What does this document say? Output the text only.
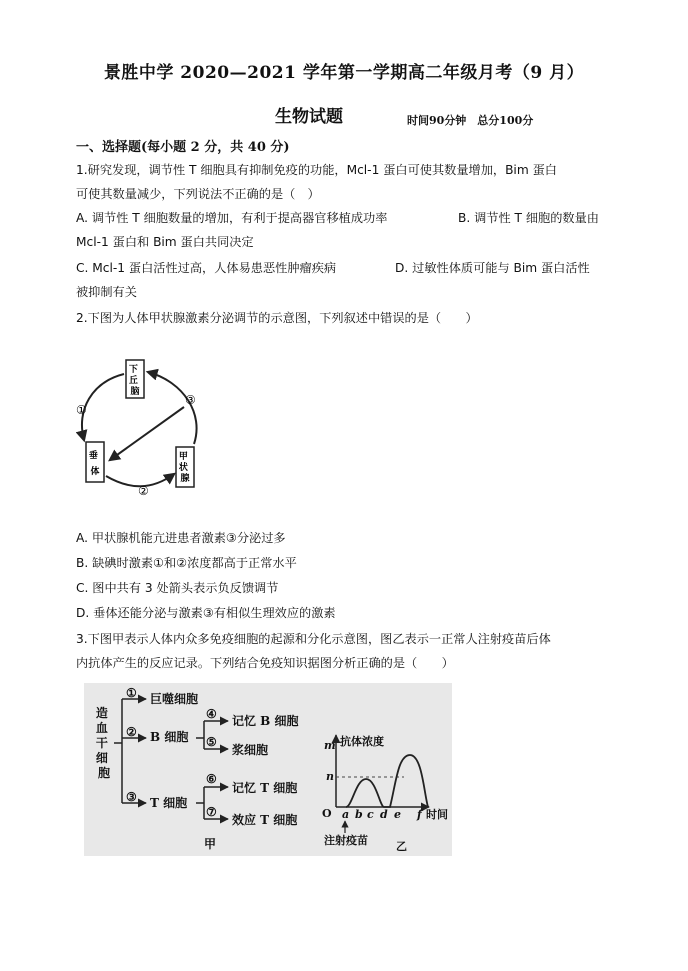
景胜中学 2020—2021 学年第一学期高二年级月考（9 月）
生物试题	时间90分钟　总分100分
一、选择题(每小题 2 分，共 40 分)
1.研究发现，调节性 T 细胞具有抑制免疫的功能，Mcl-1 蛋白可使其数量增加，Bim 蛋白
可使其数量减少，下列说法不正确的是（　）
A. 调节性 T 细胞数量的增加，有利于提高器官移植成功率	B. 调节性 T 细胞的数量由
Mcl-1 蛋白和 Bim 蛋白共同决定
C. Mcl-1 蛋白活性过高，人体易患恶性肿瘤疾病	D. 过敏性体质可能与 Bim 蛋白活性
被抑制有关
2.下图为人体甲状腺激素分泌调节的示意图，下列叙述中错误的是（　　）
下 丘 脑
垂 体
甲 状 腺
①
②
③
A. 甲状腺机能亢进患者激素③分泌过多
B. 缺碘时激素①和②浓度都高于正常水平
C. 图中共有 3 处箭头表示负反馈调节
D. 垂体还能分泌与激素③有相似生理效应的激素
3.下图甲表示人体内众多免疫细胞的起源和分化示意图，图乙表示一正常人注射疫苗后体
内抗体产生的反应记录。下列结合免疫知识据图分析正确的是（　　）
造 血 干 细 胞
①
②
③
巨噬细胞
B 细胞
T 细胞
④
⑤
记忆 B 细胞
浆细胞
⑥
⑦
记忆 T 细胞
效应 T 细胞
甲
抗体浓度
m
n
O a b c d e f 时间
注射疫苗	乙
